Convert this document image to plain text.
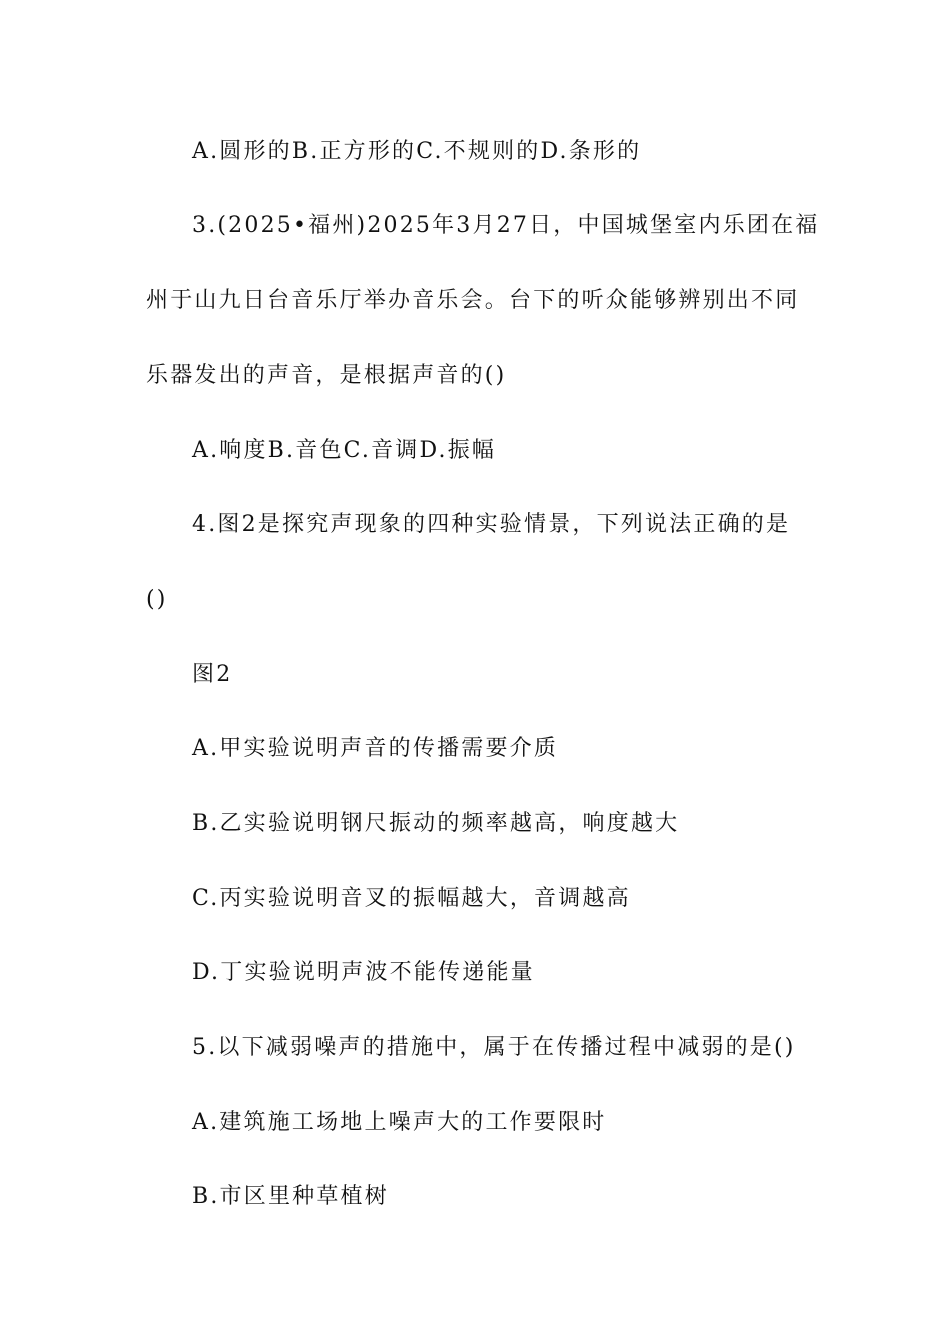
A.圆形的B.正方形的C.不规则的D.条形的
3.(2025•福州)2025年3月27日，中国城堡室内乐团在福
州于山九日台音乐厅举办音乐会。台下的听众能够辨别出不同
乐器发出的声音，是根据声音的()
A.响度B.音色C.音调D.振幅
4.图2是探究声现象的四种实验情景，下列说法正确的是
()
图2
A.甲实验说明声音的传播需要介质
B.乙实验说明钢尺振动的频率越高，响度越大
C.丙实验说明音叉的振幅越大，音调越高
D.丁实验说明声波不能传递能量
5.以下减弱噪声的措施中，属于在传播过程中减弱的是()
A.建筑施工场地上噪声大的工作要限时
B.市区里种草植树
